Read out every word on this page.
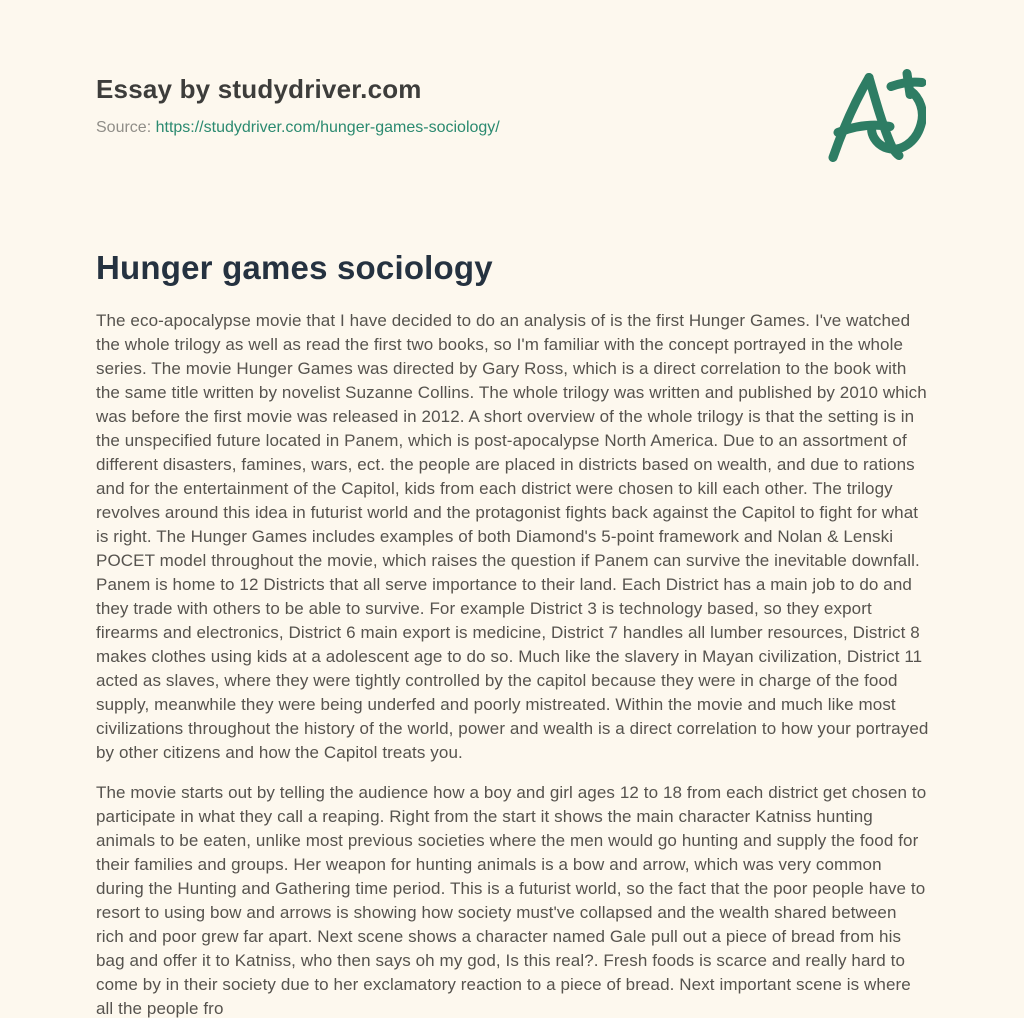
Essay by studydriver.com
Source: https://studydriver.com/hunger-games-sociology/
Hunger games sociology

The eco-apocalypse movie that I have decided to do an analysis of is the first Hunger Games. I've watched the whole trilogy as well as read the first two books, so I'm familiar with the concept portrayed in the whole series. The movie Hunger Games was directed by Gary Ross, which is a direct correlation to the book with the same title written by novelist Suzanne Collins. The whole trilogy was written and published by 2010 which was before the first movie was released in 2012. A short overview of the whole trilogy is that the setting is in the unspecified future located in Panem, which is post-apocalypse North America. Due to an assortment of different disasters, famines, wars, ect. the people are placed in districts based on wealth, and due to rations and for the entertainment of the Capitol, kids from each district were chosen to kill each other. The trilogy revolves around this idea in futurist world and the protagonist fights back against the Capitol to fight for what is right. The Hunger Games includes examples of both Diamond's 5-point framework and Nolan & Lenski POCET model throughout the movie, which raises the question if Panem can survive the inevitable downfall. Panem is home to 12 Districts that all serve importance to their land. Each District has a main job to do and they trade with others to be able to survive. For example District 3 is technology based, so they export firearms and electronics, District 6 main export is medicine, District 7 handles all lumber resources, District 8 makes clothes using kids at a adolescent age to do so. Much like the slavery in Mayan civilization, District 11 acted as slaves, where they were tightly controlled by the capitol because they were in charge of the food supply, meanwhile they were being underfed and poorly mistreated. Within the movie and much like most civilizations throughout the history of the world, power and wealth is a direct correlation to how your portrayed by other citizens and how the Capitol treats you.

The movie starts out by telling the audience how a boy and girl ages 12 to 18 from each district get chosen to participate in what they call a reaping. Right from the start it shows the main character Katniss hunting animals to be eaten, unlike most previous societies where the men would go hunting and supply the food for their families and groups. Her weapon for hunting animals is a bow and arrow, which was very common during the Hunting and Gathering time period. This is a futurist world, so the fact that the poor people have to resort to using bow and arrows is showing how society must've collapsed and the wealth shared between rich and poor grew far apart. Next scene shows a character named Gale pull out a piece of bread from his bag and offer it to Katniss, who then says oh my god, Is this real?. Fresh foods is scarce and really hard to come by in their society due to her exclamatory reaction to a piece of bread. Next important scene is where all the people fro
